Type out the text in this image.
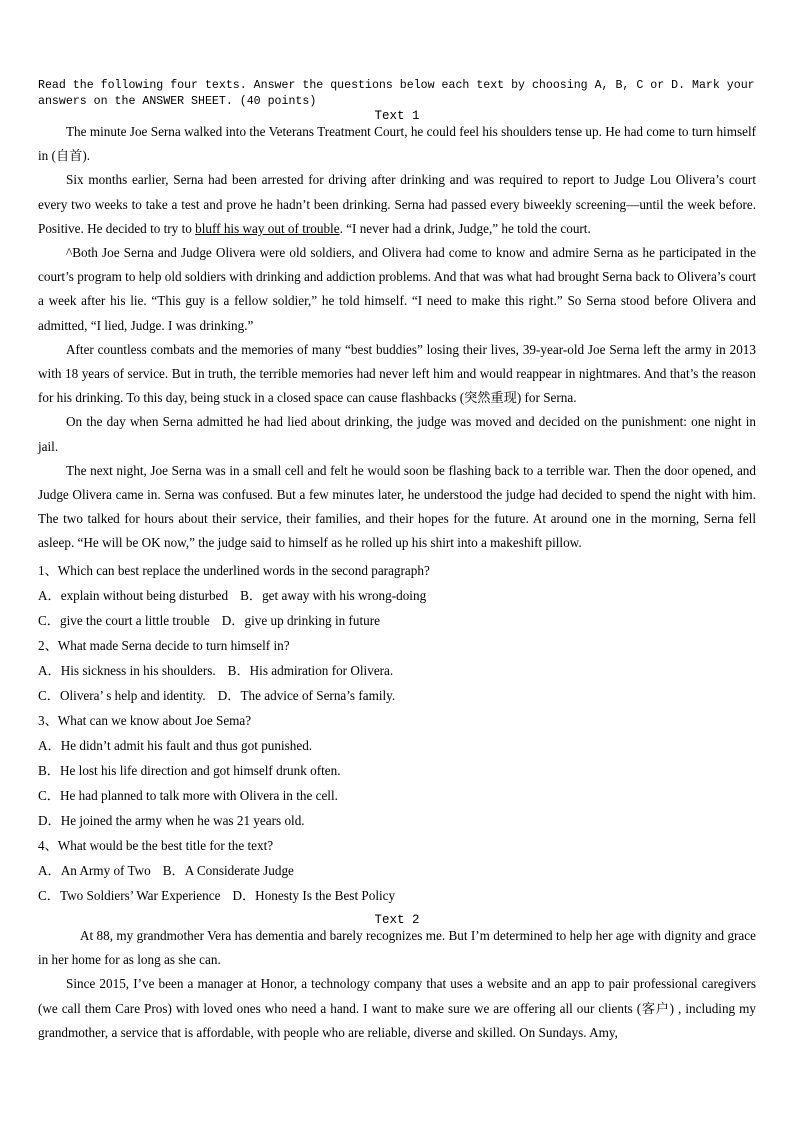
Read the following four texts. Answer the questions below each text by choosing A, B, C or D. Mark your answers on the ANSWER SHEET. (40 points)
Text 1

The minute Joe Serna walked into the Veterans Treatment Court, he could feel his shoulders tense up. He had come to turn himself in (自首).

Six months earlier, Serna had been arrested for driving after drinking and was required to report to Judge Lou Olivera’s court every two weeks to take a test and prove he hadn’t been drinking. Serna had passed every biweekly screening—until the week before. Positive. He decided to try to bluff his way out of trouble. “I never had a drink, Judge,” he told the court.

^Both Joe Serna and Judge Olivera were old soldiers, and Olivera had come to know and admire Serna as he participated in the court’s program to help old soldiers with drinking and addiction problems. And that was what had brought Serna back to Olivera’s court a week after his lie. “This guy is a fellow soldier,” he told himself. “I need to make this right.” So Serna stood before Olivera and admitted, “I lied, Judge. I was drinking.”

After countless combats and the memories of many “best buddies” losing their lives, 39-year-old Joe Serna left the army in 2013 with 18 years of service. But in truth, the terrible memories had never left him and would reappear in nightmares. And that’s the reason for his drinking. To this day, being stuck in a closed space can cause flashbacks (突然重现) for Serna.

On the day when Serna admitted he had lied about drinking, the judge was moved and decided on the punishment: one night in jail.

The next night, Joe Serna was in a small cell and felt he would soon be flashing back to a terrible war. Then the door opened, and Judge Olivera came in. Serna was confused. But a few minutes later, he understood the judge had decided to spend the night with him. The two talked for hours about their service, their families, and their hopes for the future. At around one in the morning, Serna fell asleep. “He will be OK now,” the judge said to himself as he rolled up his shirt into a makeshift pillow.

1、Which can best replace the underlined words in the second paragraph?
A．explain without being disturbed B．get away with his wrong-doing
C．give the court a little trouble D．give up drinking in future
2、What made Serna decide to turn himself in?
A．His sickness in his shoulders. B．His admiration for Olivera.
C．Olivera’ s help and identity. D．The advice of Serna’s family.
3、What can we know about Joe Sema?
A．He didn’t admit his fault and thus got punished.
B．He lost his life direction and got himself drunk often.
C．He had planned to talk more with Olivera in the cell.
D．He joined the army when he was 21 years old.
4、What would be the best title for the text?
A．An Army of Two B．A Considerate Judge
C．Two Soldiers’ War Experience D．Honesty Is the Best Policy
Text 2

At 88, my grandmother Vera has dementia and barely recognizes me. But I’m determined to help her age with dignity and grace in her home for as long as she can.

Since 2015, I’ve been a manager at Honor, a technology company that uses a website and an app to pair professional caregivers (we call them Care Pros) with loved ones who need a hand. I want to make sure we are offering all our clients (客户) , including my grandmother, a service that is affordable, with people who are reliable, diverse and skilled. On Sundays. Amy,
